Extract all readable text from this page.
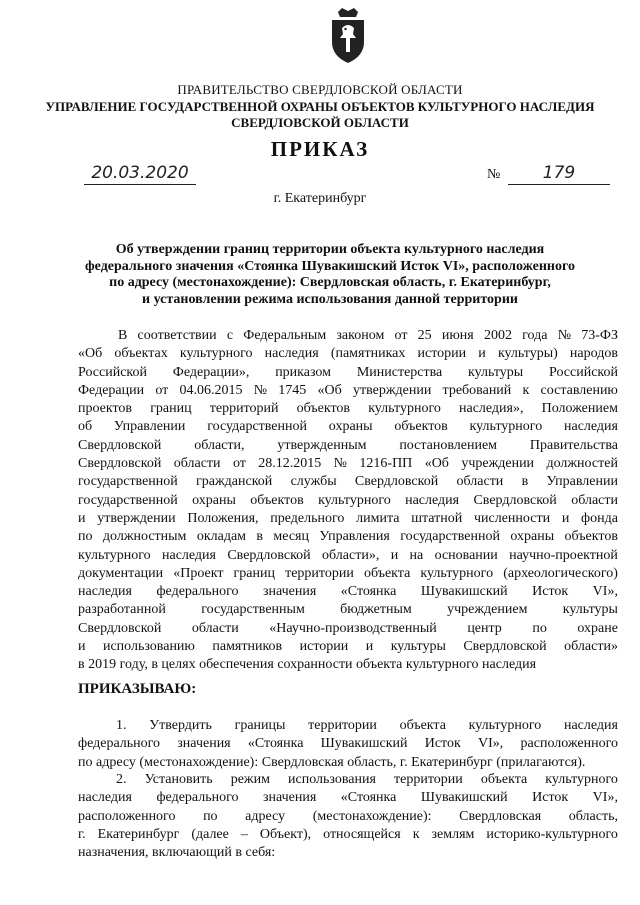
ПРАВИТЕЛЬСТВО СВЕРДЛОВСКОЙ ОБЛАСТИ
УПРАВЛЕНИЕ ГОСУДАРСТВЕННОЙ ОХРАНЫ ОБЪЕКТОВ КУЛЬТУРНОГО НАСЛЕДИЯ
СВЕРДЛОВСКОЙ ОБЛАСТИ
ПРИКАЗ
20.03.2020	№	179
г. Екатеринбург
Об утверждении границ территории объекта культурного наследия
федерального значения «Стоянка Шувакишский Исток VI», расположенного
по адресу (местонахождение): Свердловская область, г. Екатеринбург,
и установлении режима использования данной территории
В соответствии с Федеральным законом от 25 июня 2002 года № 73-ФЗ
«Об объектах культурного наследия (памятниках истории и культуры) народов
Российской Федерации», приказом Министерства культуры Российской
Федерации от 04.06.2015 № 1745 «Об утверждении требований к составлению
проектов границ территорий объектов культурного наследия», Положением
об Управлении государственной охраны объектов культурного наследия
Свердловской области, утвержденным постановлением Правительства
Свердловской области от 28.12.2015 № 1216-ПП «Об учреждении должностей
государственной гражданской службы Свердловской области в Управлении
государственной охраны объектов культурного наследия Свердловской области
и утверждении Положения, предельного лимита штатной численности и фонда
по должностным окладам в месяц Управления государственной охраны объектов
культурного наследия Свердловской области», и на основании научно-проектной
документации «Проект границ территории объекта культурного (археологического)
наследия федерального значения «Стоянка Шувакишский Исток VI»,
разработанной	государственным	бюджетным	учреждением	культуры
Свердловской области «Научно-производственный центр по охране
и использованию памятников истории и культуры Свердловской области»
в 2019 году, в целях обеспечения сохранности объекта культурного наследия
ПРИКАЗЫВАЮ:
1. Утвердить границы территории объекта культурного наследия
федерального значения «Стоянка Шувакишский Исток VI», расположенного
по адресу (местонахождение): Свердловская область, г. Екатеринбург (прилагаются).
2. Установить режим использования территории объекта культурного
наследия федерального значения «Стоянка Шувакишский Исток VI»,
расположенного по адресу (местонахождение): Свердловская область,
г. Екатеринбург (далее – Объект), относящейся к землям историко-культурного
назначения, включающий в себя:
